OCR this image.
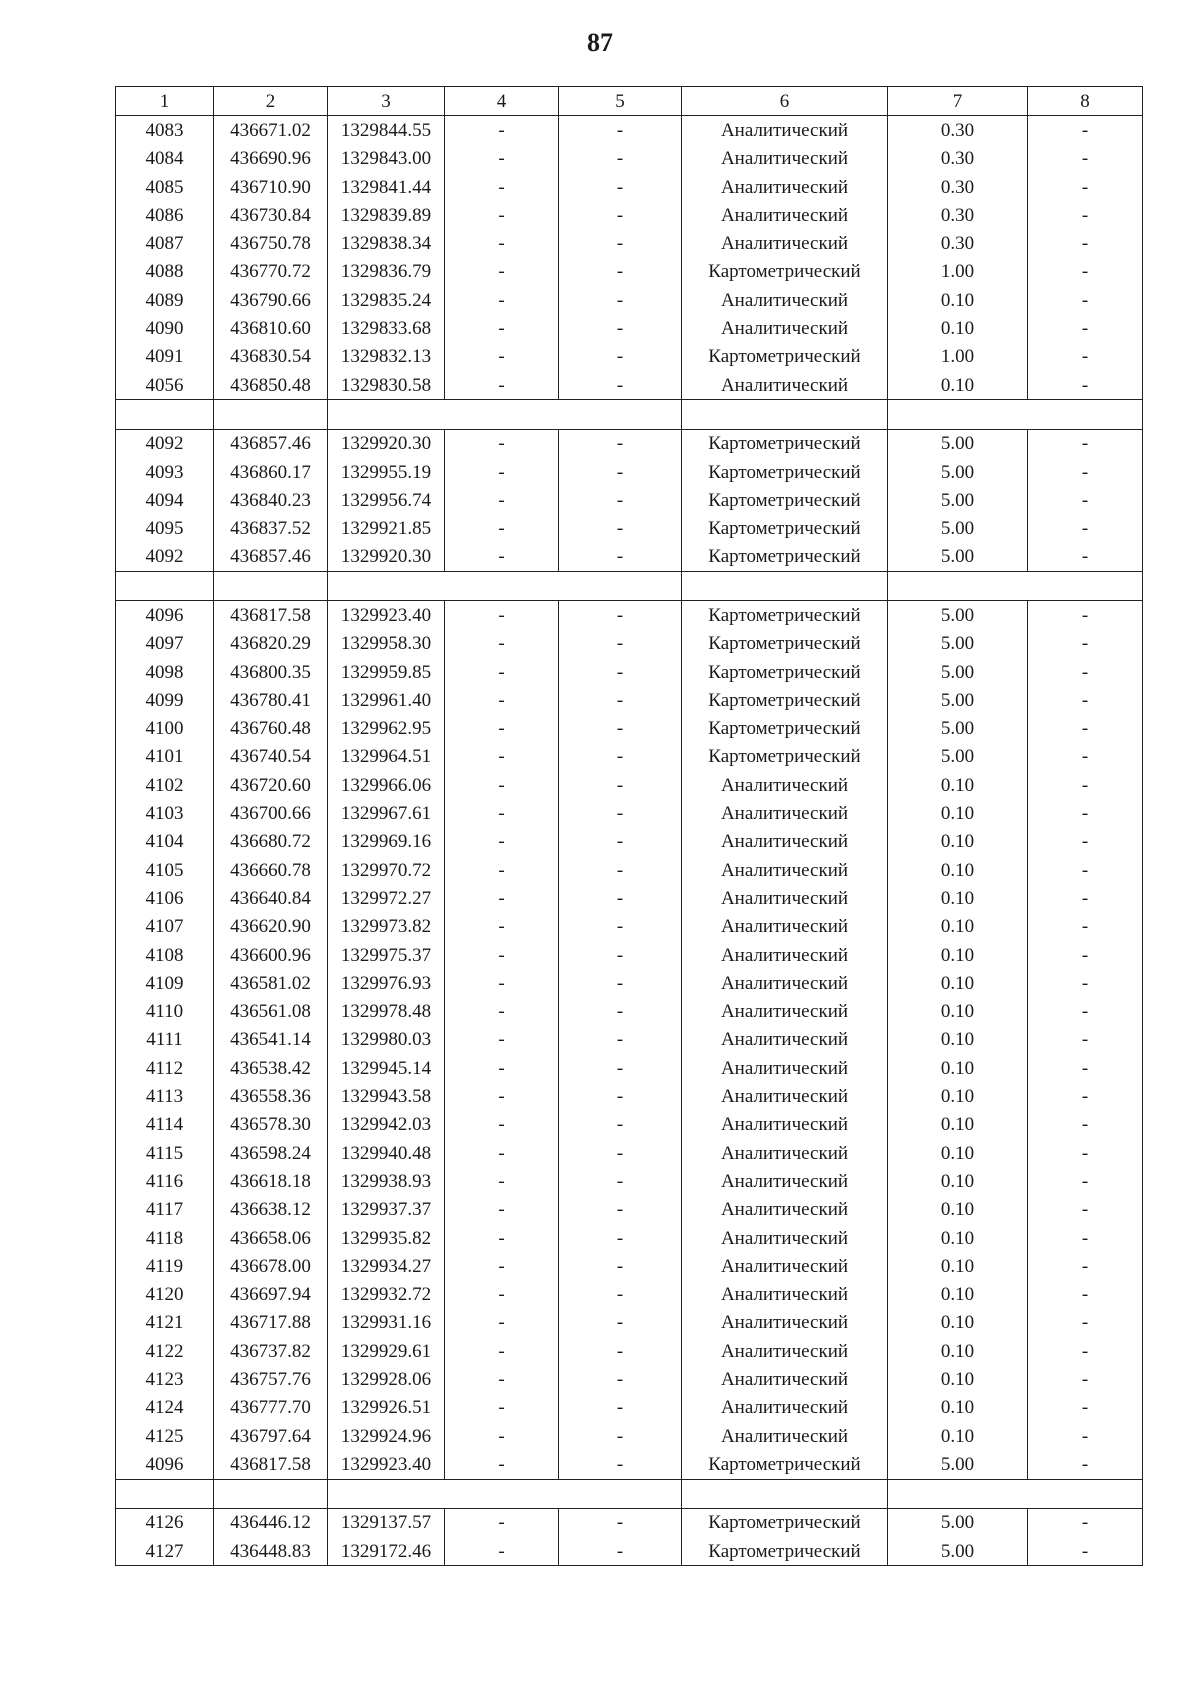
87
1	2	3	4	5	6	7	8
4083	436671.02	1329844.55	-	-	Аналитический	0.30	-
4084	436690.96	1329843.00	-	-	Аналитический	0.30	-
4085	436710.90	1329841.44	-	-	Аналитический	0.30	-
4086	436730.84	1329839.89	-	-	Аналитический	0.30	-
4087	436750.78	1329838.34	-	-	Аналитический	0.30	-
4088	436770.72	1329836.79	-	-	Картометрический	1.00	-
4089	436790.66	1329835.24	-	-	Аналитический	0.10	-
4090	436810.60	1329833.68	-	-	Аналитический	0.10	-
4091	436830.54	1329832.13	-	-	Картометрический	1.00	-
4056	436850.48	1329830.58	-	-	Аналитический	0.10	-

4092	436857.46	1329920.30	-	-	Картометрический	5.00	-
4093	436860.17	1329955.19	-	-	Картометрический	5.00	-
4094	436840.23	1329956.74	-	-	Картометрический	5.00	-
4095	436837.52	1329921.85	-	-	Картометрический	5.00	-
4092	436857.46	1329920.30	-	-	Картометрический	5.00	-

4096	436817.58	1329923.40	-	-	Картометрический	5.00	-
4097	436820.29	1329958.30	-	-	Картометрический	5.00	-
4098	436800.35	1329959.85	-	-	Картометрический	5.00	-
4099	436780.41	1329961.40	-	-	Картометрический	5.00	-
4100	436760.48	1329962.95	-	-	Картометрический	5.00	-
4101	436740.54	1329964.51	-	-	Картометрический	5.00	-
4102	436720.60	1329966.06	-	-	Аналитический	0.10	-
4103	436700.66	1329967.61	-	-	Аналитический	0.10	-
4104	436680.72	1329969.16	-	-	Аналитический	0.10	-
4105	436660.78	1329970.72	-	-	Аналитический	0.10	-
4106	436640.84	1329972.27	-	-	Аналитический	0.10	-
4107	436620.90	1329973.82	-	-	Аналитический	0.10	-
4108	436600.96	1329975.37	-	-	Аналитический	0.10	-
4109	436581.02	1329976.93	-	-	Аналитический	0.10	-
4110	436561.08	1329978.48	-	-	Аналитический	0.10	-
4111	436541.14	1329980.03	-	-	Аналитический	0.10	-
4112	436538.42	1329945.14	-	-	Аналитический	0.10	-
4113	436558.36	1329943.58	-	-	Аналитический	0.10	-
4114	436578.30	1329942.03	-	-	Аналитический	0.10	-
4115	436598.24	1329940.48	-	-	Аналитический	0.10	-
4116	436618.18	1329938.93	-	-	Аналитический	0.10	-
4117	436638.12	1329937.37	-	-	Аналитический	0.10	-
4118	436658.06	1329935.82	-	-	Аналитический	0.10	-
4119	436678.00	1329934.27	-	-	Аналитический	0.10	-
4120	436697.94	1329932.72	-	-	Аналитический	0.10	-
4121	436717.88	1329931.16	-	-	Аналитический	0.10	-
4122	436737.82	1329929.61	-	-	Аналитический	0.10	-
4123	436757.76	1329928.06	-	-	Аналитический	0.10	-
4124	436777.70	1329926.51	-	-	Аналитический	0.10	-
4125	436797.64	1329924.96	-	-	Аналитический	0.10	-
4096	436817.58	1329923.40	-	-	Картометрический	5.00	-

4126	436446.12	1329137.57	-	-	Картометрический	5.00	-
4127	436448.83	1329172.46	-	-	Картометрический	5.00	-
